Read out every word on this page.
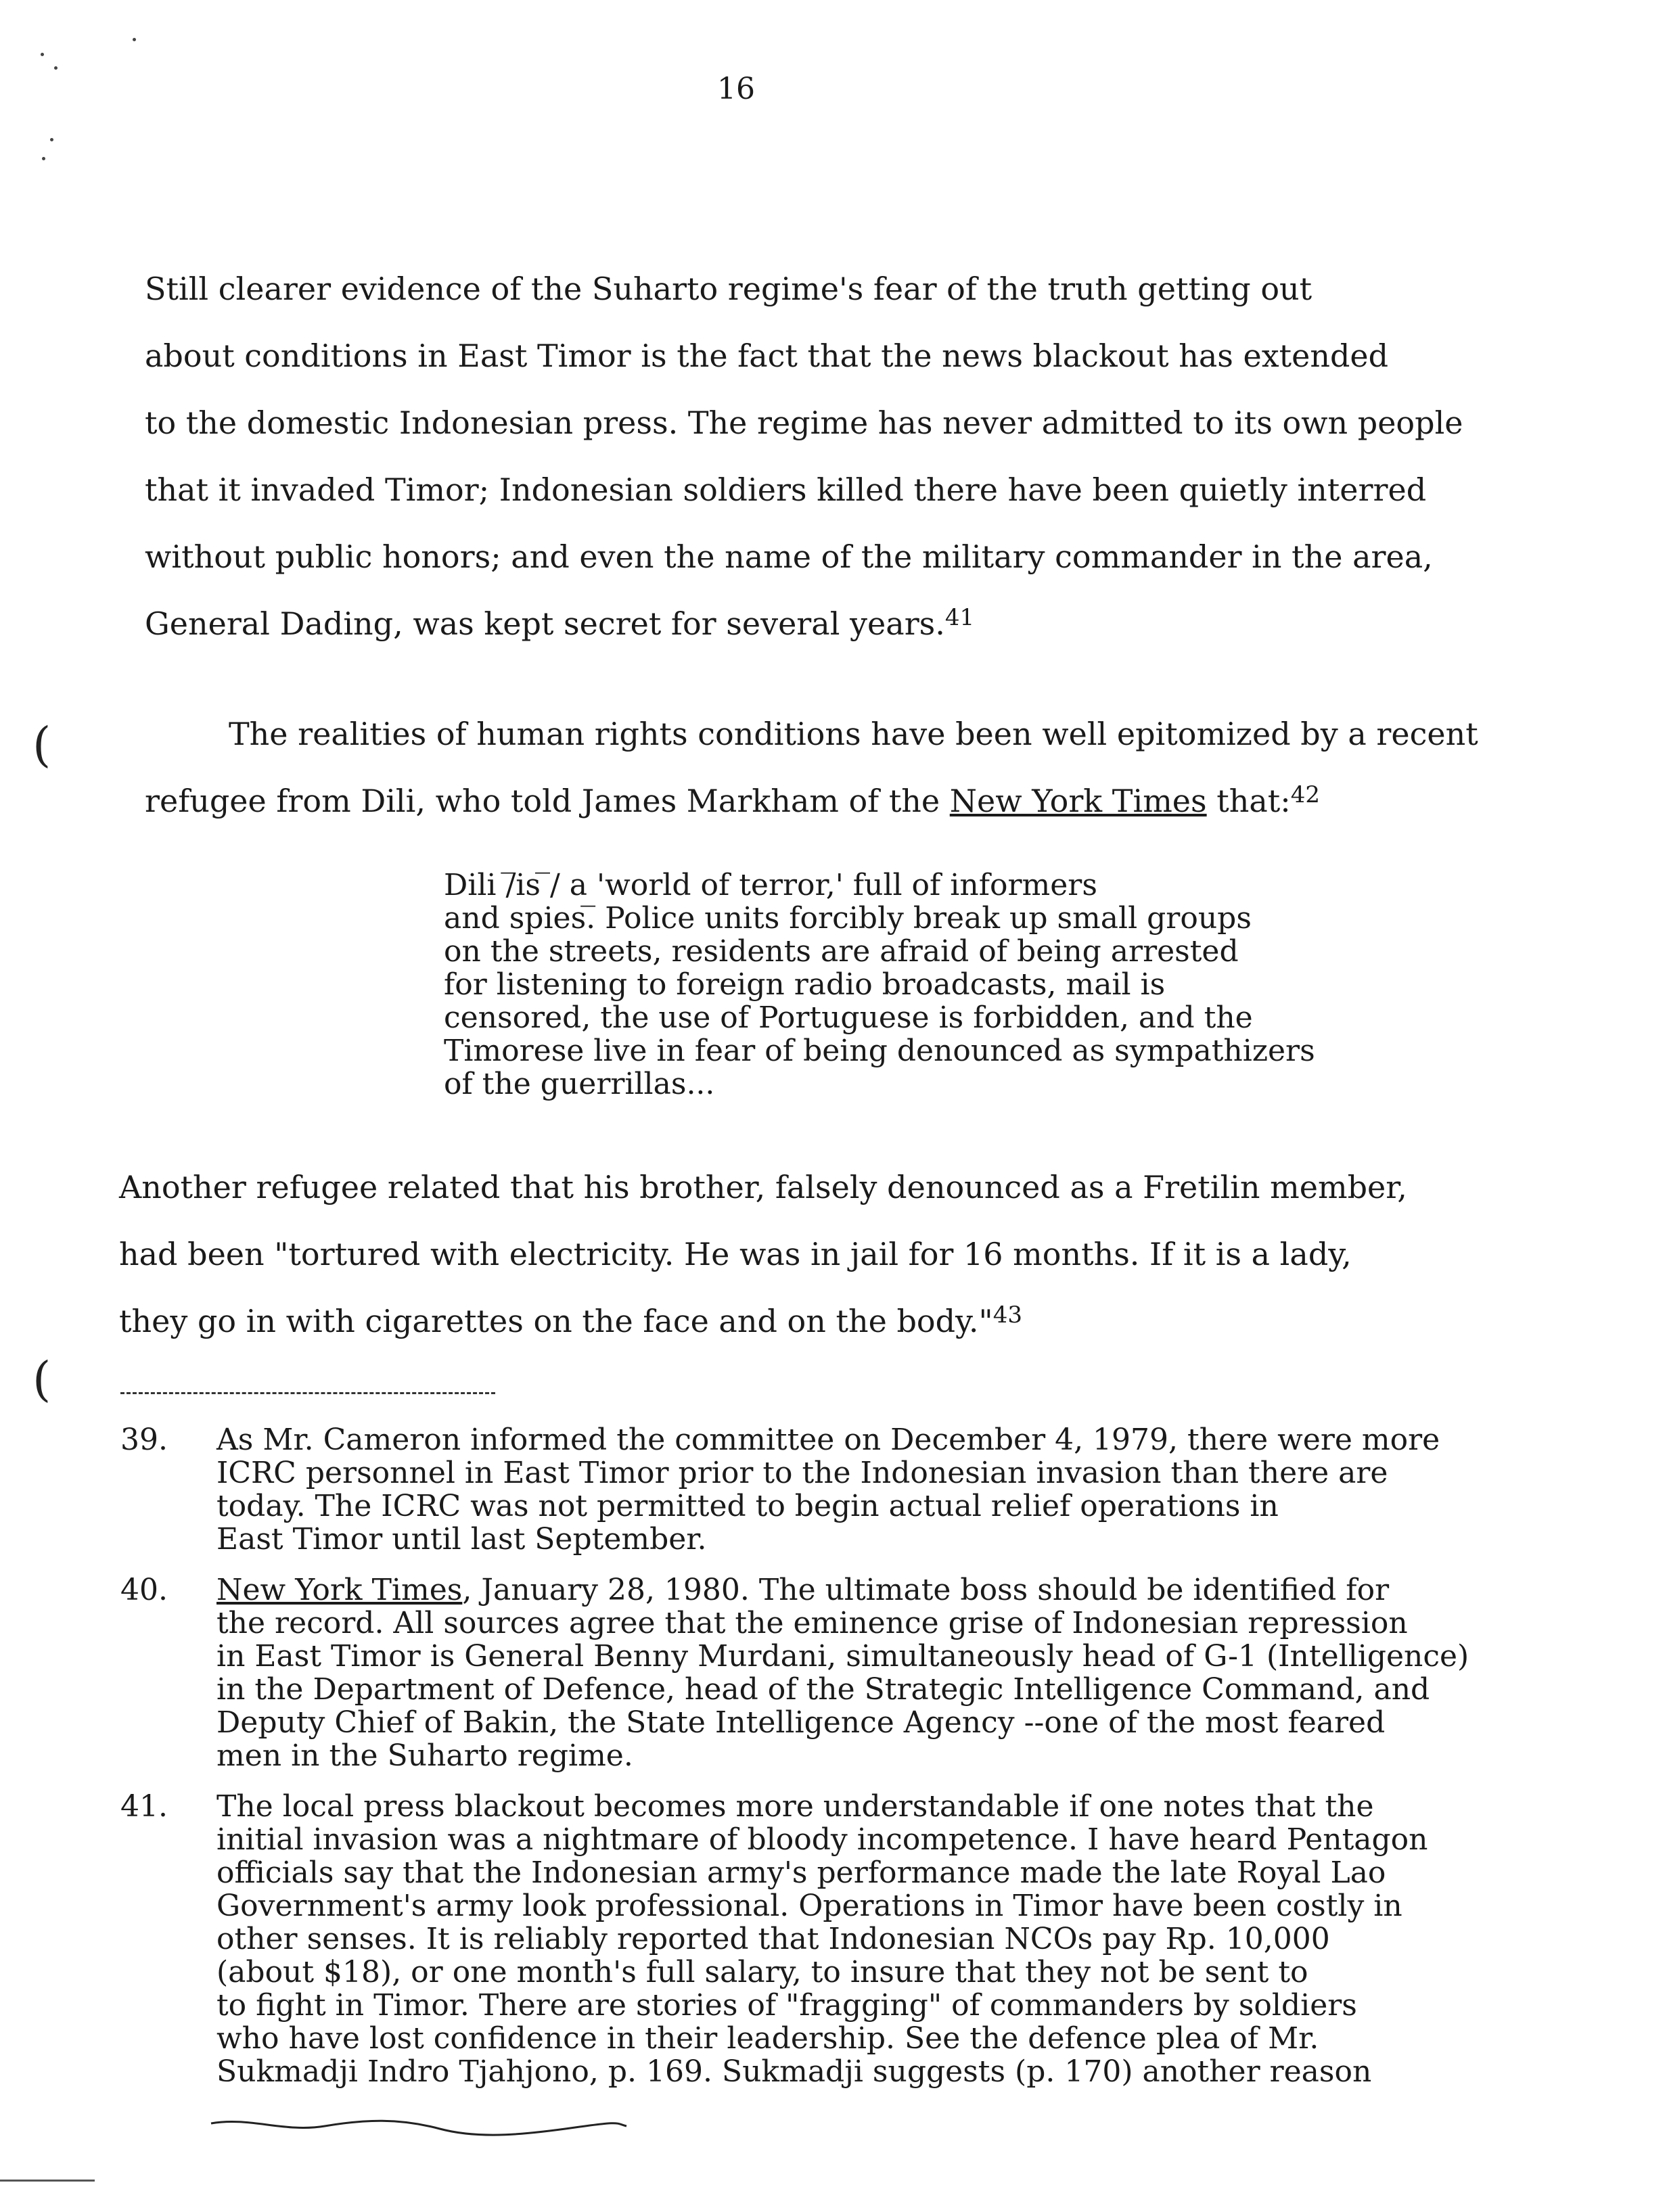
16
Still clearer evidence of the Suharto regime's fear of the truth getting out
about conditions in East Timor is the fact that the news blackout has extended
to the domestic Indonesian press. The regime has never admitted to its own people
that it invaded Timor; Indonesian soldiers killed there have been quietly interred
without public honors; and even the name of the military commander in the area,
General Dading, was kept secret for several years.$^{41}$
(	The realities of human rights conditions have been well epitomized by a recent
refugee from Dili, who told James Markham of the New York Times that:$^{42}$
Dili /̅is ̅/ a 'world of terror,' full of informers
and spies.̅ Police units forcibly break up small groups
on the streets, residents are afraid of being arrested
for listening to foreign radio broadcasts, mail is
censored, the use of Portuguese is forbidden, and the
Timorese live in fear of being denounced as sympathizers
of the guerrillas...
Another refugee related that his brother, falsely denounced as a Fretilin member,
had been "tortured with electricity. He was in jail for 16 months. If it is a lady,
they go in with cigarettes on the face and on the body."$^{43}$
(
39. As Mr. Cameron informed the committee on December 4, 1979, there were more
ICRC personnel in East Timor prior to the Indonesian invasion than there are
today. The ICRC was not permitted to begin actual relief operations in
East Timor until last September.
40. New York Times, January 28, 1980. The ultimate boss should be identified for
the record. All sources agree that the eminence grise of Indonesian repression
in East Timor is General Benny Murdani, simultaneously head of G-1 (Intelligence)
in the Department of Defence, head of the Strategic Intelligence Command, and
Deputy Chief of Bakin, the State Intelligence Agency --one of the most feared
men in the Suharto regime.
41. The local press blackout becomes more understandable if one notes that the
initial invasion was a nightmare of bloody incompetence. I have heard Pentagon
officials say that the Indonesian army's performance made the late Royal Lao
Government's army look professional. Operations in Timor have been costly in
other senses. It is reliably reported that Indonesian NCOs pay Rp. 10,000
(about $18), or one month's full salary, to insure that they not be sent to
to fight in Timor. There are stories of "fragging" of commanders by soldiers
who have lost confidence in their leadership. See the defence plea of Mr.
Sukmadji Indro Tjahjono, p. 169. Sukmadji suggests (p. 170) another reason
